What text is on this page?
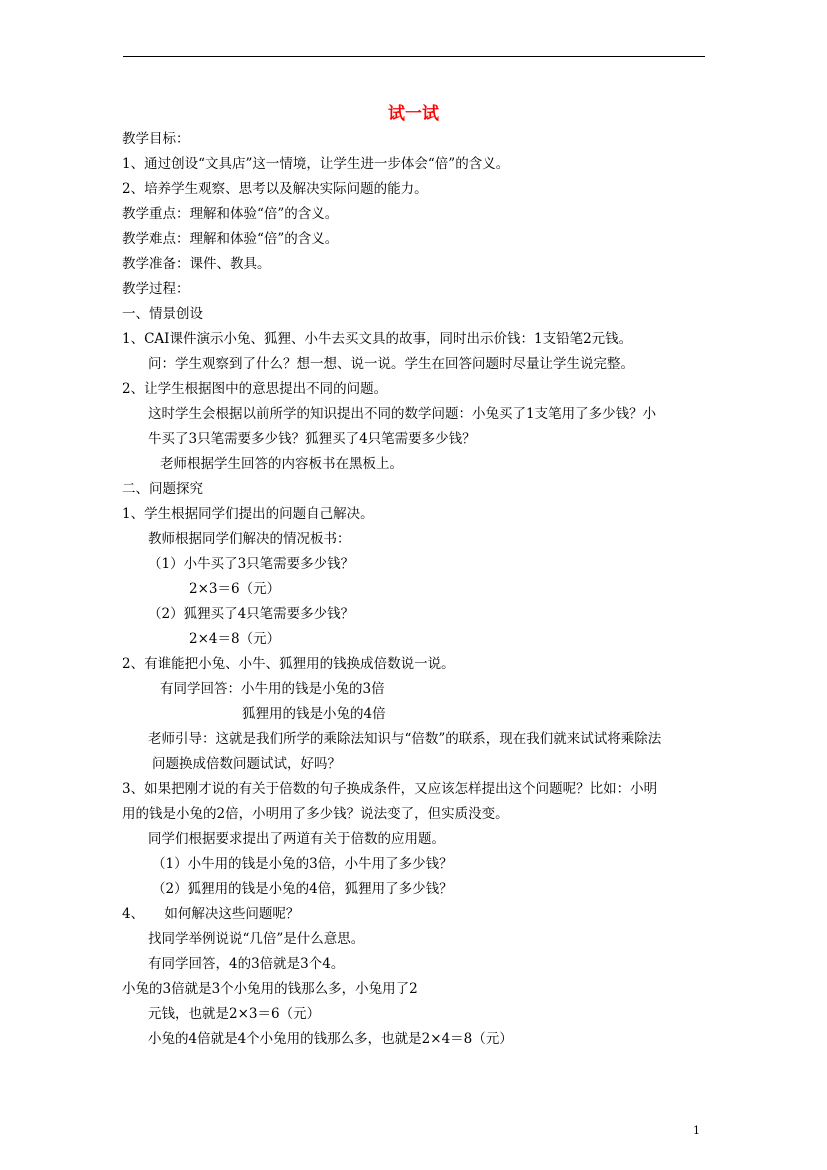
试一试

教学目标：

1、通过创设“文具店”这一情境，让学生进一步体会“倍”的含义。

2、培养学生观察、思考以及解决实际问题的能力。

教学重点：理解和体验“倍”的含义。

教学难点：理解和体验“倍”的含义。

教学准备：课件、教具。

教学过程：

一、情景创设

1、CAI课件演示小兔、狐狸、小牛去买文具的故事，同时出示价钱：1支铅笔2元钱。

问：学生观察到了什么？想一想、说一说。学生在回答问题时尽量让学生说完整。

2、让学生根据图中的意思提出不同的问题。

这时学生会根据以前所学的知识提出不同的数学问题：小兔买了1支笔用了多少钱？小

牛买了3只笔需要多少钱？狐狸买了4只笔需要多少钱？

老师根据学生回答的内容板书在黑板上。

二、问题探究

1、学生根据同学们提出的问题自己解决。

教师根据同学们解决的情况板书：

（1）小牛买了3只笔需要多少钱？

2×3＝6（元）

（2）狐狸买了4只笔需要多少钱？

2×4＝8（元）

2、有谁能把小兔、小牛、狐狸用的钱换成倍数说一说。

有同学回答：小牛用的钱是小兔的3倍

狐狸用的钱是小兔的4倍

老师引导：这就是我们所学的乘除法知识与“倍数”的联系，现在我们就来试试将乘除法

问题换成倍数问题试试，好吗？

3、如果把刚才说的有关于倍数的句子换成条件，又应该怎样提出这个问题呢？比如：小明

用的钱是小兔的2倍，小明用了多少钱？说法变了，但实质没变。

同学们根据要求提出了两道有关于倍数的应用题。

（1）小牛用的钱是小兔的3倍，小牛用了多少钱？

（2）狐狸用的钱是小兔的4倍，狐狸用了多少钱？

4、　　如何解决这些问题呢？

找同学举例说说“几倍”是什么意思。

有同学回答，4的3倍就是3个4。

小兔的3倍就是3个小兔用的钱那么多，小兔用了2

元钱，也就是2×3＝6（元）

小兔的4倍就是4个小兔用的钱那么多，也就是2×4＝8（元）

1
